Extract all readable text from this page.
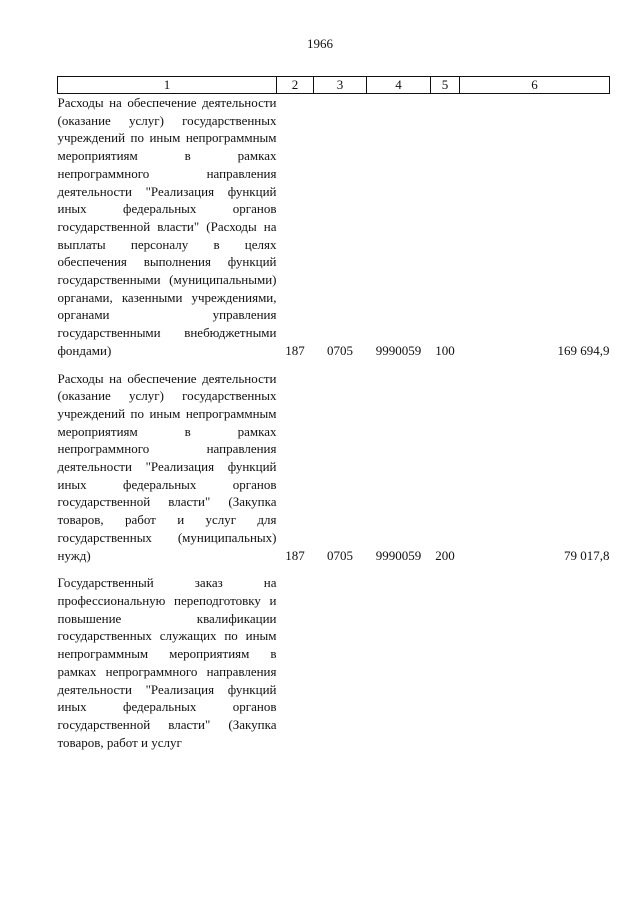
1966
1	2	3	4	5	6
Расходы на обеспечение деятельности (оказание услуг) государственных учреждений по иным непрограммным мероприятиям в рамках непрограммного направления деятельности "Реализация функций иных федеральных органов государственной власти" (Расходы на выплаты персоналу в целях обеспечения выполнения функций государственными (муниципальными) органами, казенными учреждениями, органами управления государственными внебюджетными фондами)	187	0705	9990059	100	169 694,9
Расходы на обеспечение деятельности (оказание услуг) государственных учреждений по иным непрограммным мероприятиям в рамках непрограммного направления деятельности "Реализация функций иных федеральных органов государственной власти" (Закупка товаров, работ и услуг для государственных (муниципальных) нужд)	187	0705	9990059	200	79 017,8
Государственный заказ на профессиональную переподготовку и повышение квалификации государственных служащих по иным непрограммным мероприятиям в рамках непрограммного направления деятельности "Реализация функций иных федеральных органов государственной власти" (Закупка товаров, работ и услуг					
